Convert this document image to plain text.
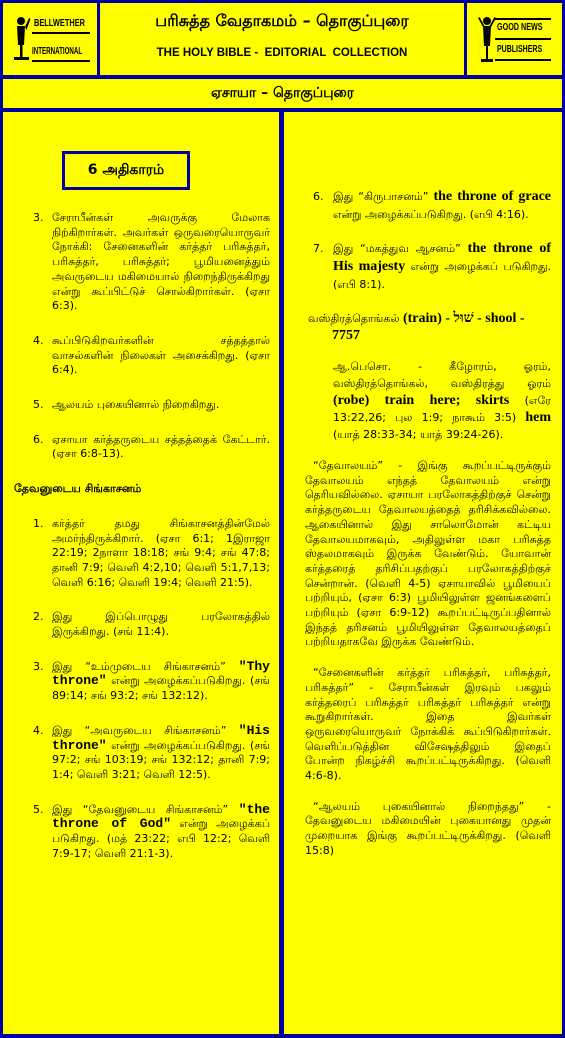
BELLWETHER
INTERNATIONAL
பரிசுத்த வேதாகமம் – தொகுப்புரை
THE HOLY BIBLE -  EDITORIAL  COLLECTION
GOOD NEWS
PUBLISHERS
ஏசாயா – தொகுப்புரை
6 அதிகாரம்
3. சேராபீன்கள் அவருக்கு மேலாக நிற்கிறார்கள். அவர்கள் ஒருவரையொருவர் நோக்கி: சேனைகளின் கர்த்தர் பரிசுத்தர், பரிசுத்தர், பரிசுத்தர்; பூமியனைத்தும் அவருடைய மகிமையால் நிறைந்திருக்கிறது என்று கூப்பிட்டுச் சொல்கிறார்கள். (ஏசா 6:3).
4. கூப்பிடுகிறவர்களின் சத்தத்தால் வாசல்களின் நிலைகள் அசைக்கிறது. (ஏசா 6:4).
5. ஆலயம் புகையினால் நிறைகிறது.
6. ஏசாயா கர்த்தருடைய சத்தத்தைக் கேட்டார். (ஏசா 6:8-13).
தேவனுடைய சிங்காசனம்
1. கர்த்தர் தமது சிங்காசனத்தின்மேல் அமர்ந்திருக்கிறார். (ஏசா 6:1; 1இராஜா 22:19; 2நாளா 18:18; சங் 9:4; சங் 47:8; தானி 7:9; வெளி 4:2,10; வெளி 5:1,7,13; வெளி 6:16; வெளி 19:4; வெளி 21:5).
2. இது இப்பொழுது பரலோகத்தில் இருக்கிறது. (சங் 11:4).
3. இது “உம்முடைய சிங்காசனம்” "Thy throne" என்று அழைக்கப்படுகிறது. (சங் 89:14; சங் 93:2; சங் 132:12).
4. இது “அவருடைய சிங்காசனம்” "His throne" என்று அழைக்கப்படுகிறது. (சங் 97:2; சங் 103:19; சங் 132:12; தானி 7:9; 1:4; வெளி 3:21; வெளி 12:5).
5. இது “தேவனுடைய சிங்காசனம்” "the throne of God" என்று அழைக்கப் படுகிறது. (மத் 23:22; எபி 12:2; வெளி 7:9-17; வெளி 21:1-3).
6. இது “கிருபாசனம்” the throne of grace என்று அழைக்கப்படுகிறது. (எபி 4:16).
7. இது “மகத்துவ ஆசனம்” the throne of His majesty என்று அழைக்கப் படுகிறது. (எபி 8:1).
வஸ்திரத்தொங்கல் (train) - שׁוּל - shool - 7757
ஆ.பெசொ. - கீழோரம், ஓரம், வஸ்திரத்தொங்கல், வஸ்திரத்து ஓரம் (robe) train here; skirts (எரே 13:22,26; புல 1:9; நாகூம் 3:5) hem (யாத் 28:33-34; யாத் 39:24-26).

“தேவாலயம்” - இங்கு கூறப்பட்டிருக்கும் தேவாலயம் எந்தத் தேவாலயம் என்று தெரியவில்லை. ஏசாயா பரலோகத்திற்குச் சென்று கர்த்தருடைய தேவாலயத்தைத் தரிசிக்கவில்லை. ஆகையினால் இது சாலொமோன் கட்டிய தேவாலயமாகவும், அதிலுள்ள மகா பரிசுத்த ஸ்தலமாகவும் இருக்க வேண்டும். யோவான் கர்த்தரைத் தரிசிப்பதற்குப் பரலோகத்திற்குச் சென்றான். (வெளி 4-5) ஏசாயாவில் பூமியைப் பற்றியும், (ஏசா 6:3) பூமியிலுள்ள ஜனங்களைப் பற்றியும் (ஏசா 6:9-12) கூறப்பட்டிருப்பதினால் இந்தத் தரிசனம் பூமியிலுள்ள தேவாலயத்தைப் பற்றியதாகவே இருக்க வேண்டும்.

“சேனைகளின் கர்த்தர் பரிசுத்தர், பரிசுத்தர், பரிசுத்தர்” - சேராபீன்கள் இரவும் பகலும் கர்த்தரைப் பரிசுத்தர் பரிசுத்தர் பரிசுத்தர் என்று கூறுகிறார்கள். இதை இவர்கள் ஒருவரையொருவர் நோக்கிக் கூப்பிடுகிறார்கள். வெளிப்படுத்தின விசேஷத்திலும் இதைப் போன்ற நிகழ்ச்சி கூறப்பட்டிருக்கிறது. (வெளி 4:6-8).

“ஆலயம் புகையினால் நிறைந்தது” - தேவனுடைய மகிமையின் புகையானது முதன் முறையாக இங்கு கூறப்பட்டிருக்கிறது. (வெளி 15:8)
